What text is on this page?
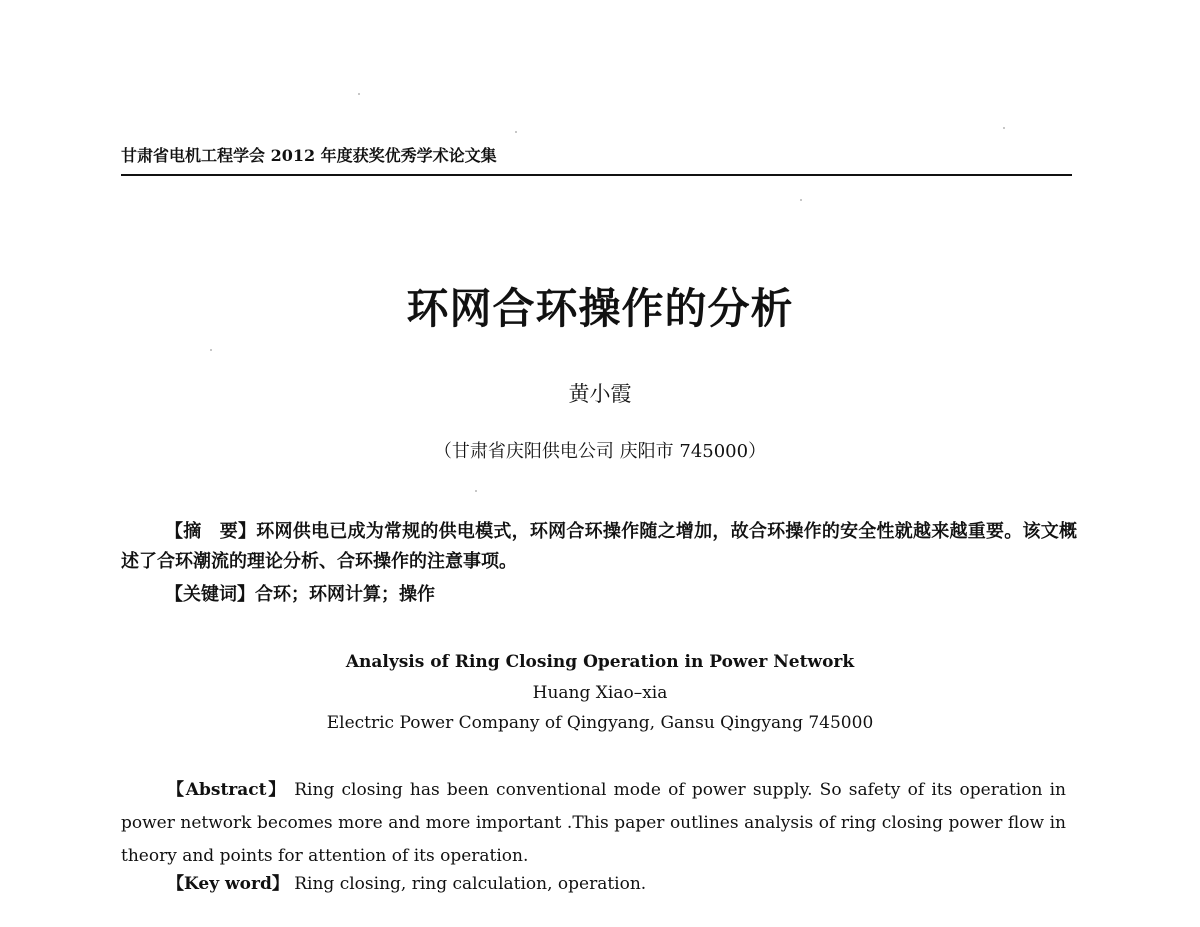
甘肃省电机工程学会 2012 年度获奖优秀学术论文集
环网合环操作的分析
黄小霞
（甘肃省庆阳供电公司 庆阳市 745000）
【摘　要】环网供电已成为常规的供电模式，环网合环操作随之增加，故合环操作的安全性就越来越重要。该文概述了合环潮流的理论分析、合环操作的注意事项。
【关键词】合环；环网计算；操作
Analysis of Ring Closing Operation in Power Network
Huang Xiao–xia
Electric Power Company of Qingyang, Gansu Qingyang 745000
【Abstract】 Ring closing has been conventional mode of power supply. So safety of its operation in power network becomes more and more important .This paper outlines analysis of ring closing power flow in theory and points for attention of its operation.
【Key word】 Ring closing, ring calculation, operation.
